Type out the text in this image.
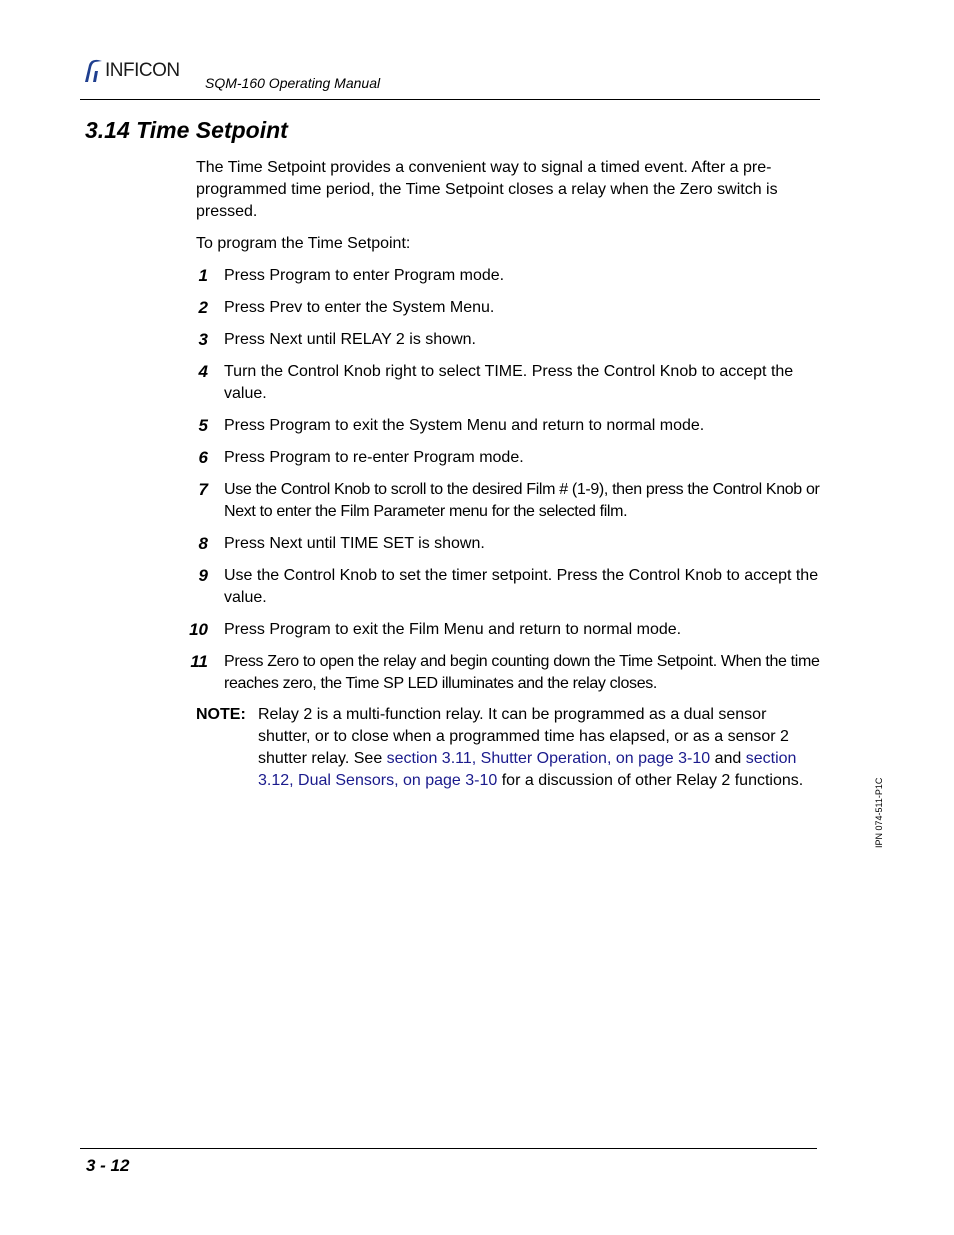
INFICON
SQM-160 Operating Manual
3.14 Time Setpoint
The Time Setpoint provides a convenient way to signal a timed event. After a pre-programmed time period, the Time Setpoint closes a relay when the Zero switch is pressed.
To program the Time Setpoint:
1 Press Program to enter Program mode.
2 Press Prev to enter the System Menu.
3 Press Next until RELAY 2 is shown.
4 Turn the Control Knob right to select TIME. Press the Control Knob to accept the value.
5 Press Program to exit the System Menu and return to normal mode.
6 Press Program to re-enter Program mode.
7 Use the Control Knob to scroll to the desired Film # (1-9), then press the Control Knob or Next to enter the Film Parameter menu for the selected film.
8 Press Next until TIME SET is shown.
9 Use the Control Knob to set the timer setpoint. Press the Control Knob to accept the value.
10 Press Program to exit the Film Menu and return to normal mode.
11 Press Zero to open the relay and begin counting down the Time Setpoint. When the time reaches zero, the Time SP LED illuminates and the relay closes.
NOTE: Relay 2 is a multi-function relay. It can be programmed as a dual sensor shutter, or to close when a programmed time has elapsed, or as a sensor 2 shutter relay. See section 3.11, Shutter Operation, on page 3-10 and section 3.12, Dual Sensors, on page 3-10 for a discussion of other Relay 2 functions.	IPN 074-511-P1C
3 - 12
